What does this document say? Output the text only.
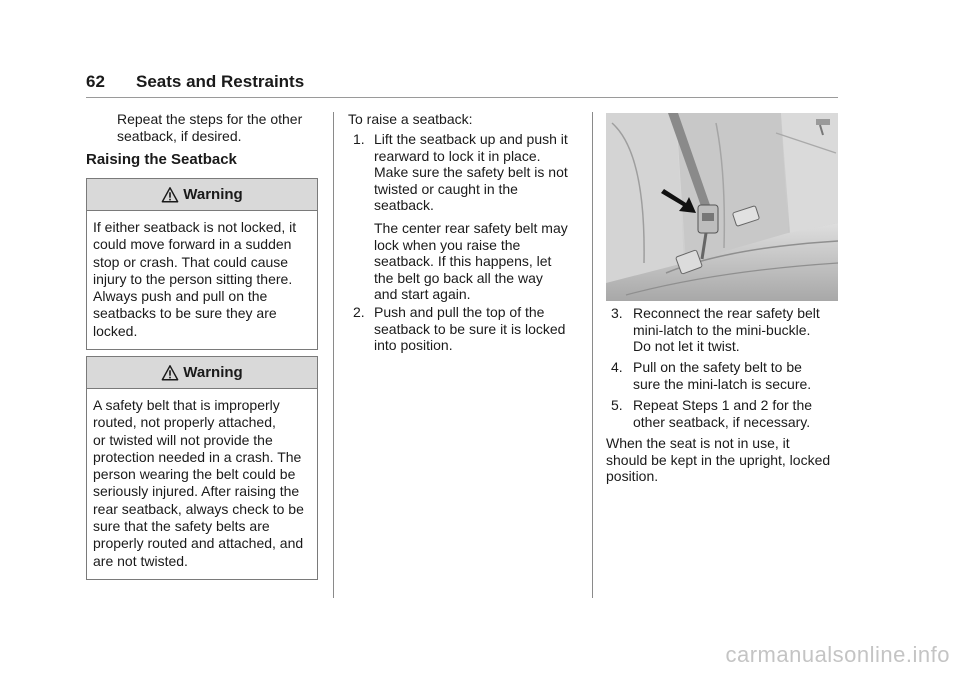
62 Seats and Restraints
Repeat the steps for the other
seatback, if desired.
Raising the Seatback
Warning
If either seatback is not locked, it
could move forward in a sudden
stop or crash. That could cause
injury to the person sitting there.
Always push and pull on the
seatbacks to be sure they are
locked.
Warning
A safety belt that is improperly
routed, not properly attached,
or twisted will not provide the
protection needed in a crash. The
person wearing the belt could be
seriously injured. After raising the
rear seatback, always check to be
sure that the safety belts are
properly routed and attached, and
are not twisted.
To raise a seatback:
1. Lift the seatback up and push it
rearward to lock it in place.
Make sure the safety belt is not
twisted or caught in the
seatback.
The center rear safety belt may
lock when you raise the
seatback. If this happens, let
the belt go back all the way
and start again.
2. Push and pull the top of the
seatback to be sure it is locked
into position.
3. Reconnect the rear safety belt
mini-latch to the mini-buckle.
Do not let it twist.
4. Pull on the safety belt to be
sure the mini-latch is secure.
5. Repeat Steps 1 and 2 for the
other seatback, if necessary.
When the seat is not in use, it
should be kept in the upright, locked
position.
carmanualsonline.info
